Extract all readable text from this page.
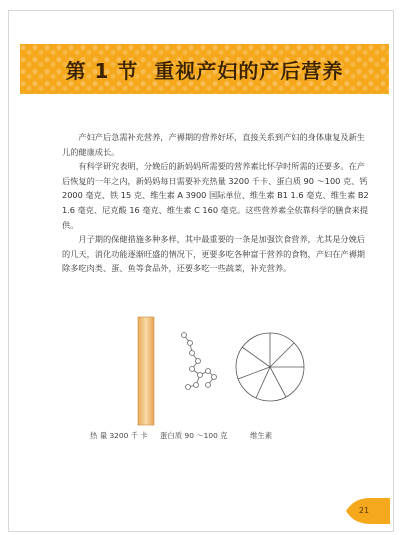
第 1 节 重视产妇的产后营养

产妇产后急需补充营养，产褥期的营养好坏，直接关系到产妇的身体康复及新生儿的健康成长。

有科学研究表明，分娩后的新妈妈所需要的营养素比怀孕时所需的还要多。在产后恢复的一年之内，新妈妈每日需要补充热量 3200 千卡、蛋白质 90 ～100 克、钙 2000 毫克、铁 15 克、维生素 A 3900 国际单位、维生素 B1 1.6 毫克、维生素 B2 1.6 毫克、尼克酸 16 毫克、维生素 C 160 毫克。这些营养素全依靠科学的膳食来提供。

月子期的保健措施多种多样，其中最重要的一条是加强饮食营养，尤其是分娩后的几天，消化功能逐渐旺盛的情况下，更要多吃各种富于营养的食物，产妇在产褥期除多吃肉类、蛋、鱼等食品外，还要多吃一些蔬菜，补充营养。

热 量 3200 千 卡 蛋白质 90 ～100 克	维生素
21
